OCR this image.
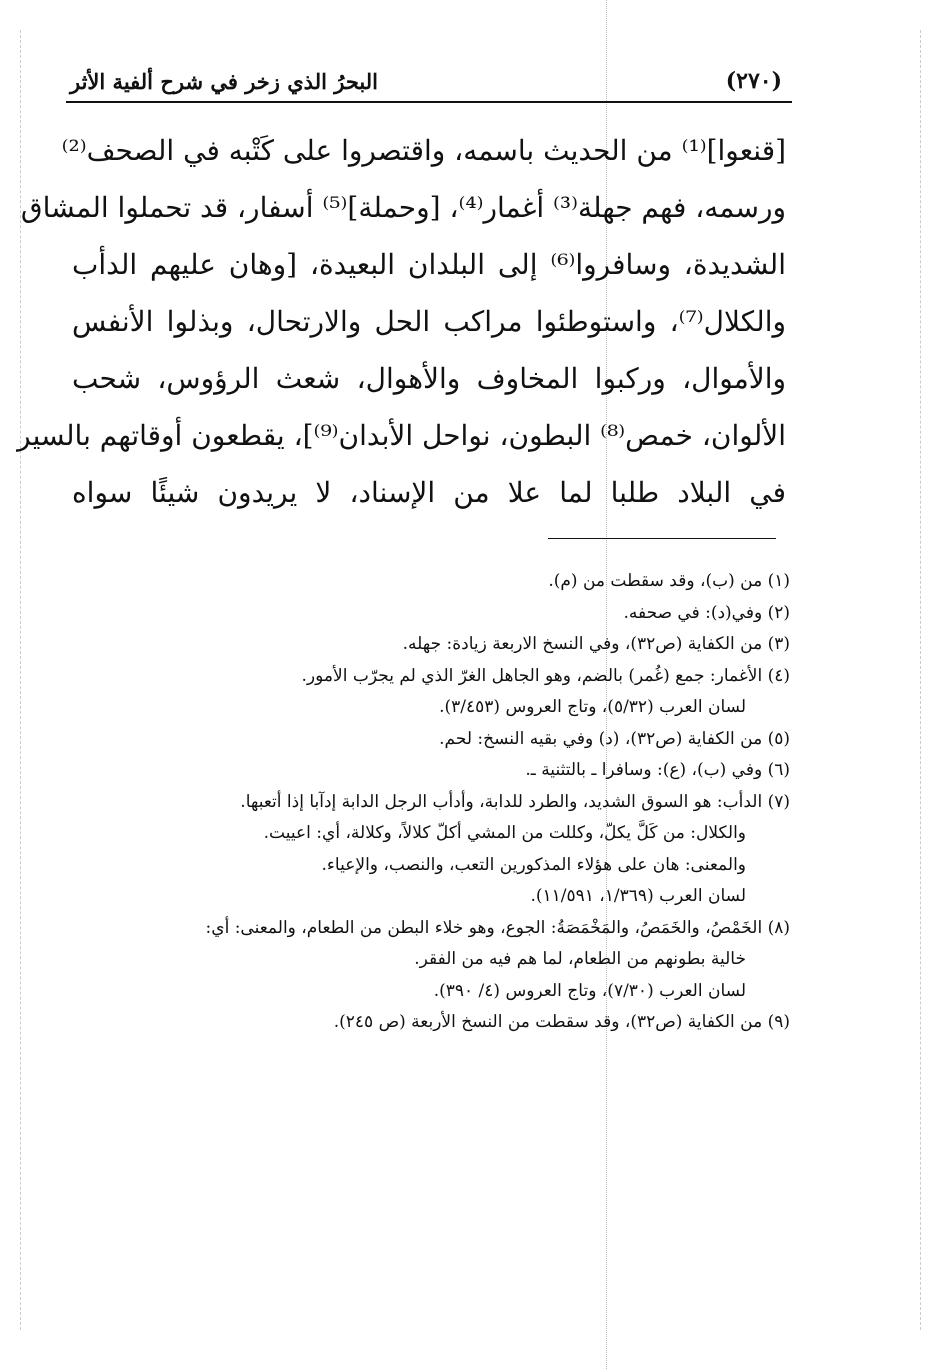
البحرُ الذي زخر في شرح ألفية الأثر	(٢٧٠)
[قنعوا]⁽¹⁾ من الحديث باسمه، واقتصروا على كَتْبه في الصحف⁽²⁾
ورسمه، فهم جهلة⁽³⁾ أغمار⁽⁴⁾، [وحملة]⁽⁵⁾ أسفار، قد تحملوا المشاق
الشديدة، وسافروا⁽⁶⁾ إلى البلدان البعيدة، [وهان عليهم الدأب
والكلال⁽⁷⁾، واستوطئوا مراكب الحل والارتحال، وبذلوا الأنفس
والأموال، وركبوا المخاوف والأهوال، شعث الرؤوس، شحب
الألوان، خمص⁽⁸⁾ البطون، نواحل الأبدان⁽⁹⁾]، يقطعون أوقاتهم بالسير
في البلاد طلبا لما علا من الإسناد، لا يريدون شيئًا سواه
(١) من (ب)، وقد سقطت من (م).
(٢) وفي(د): في صحفه.
(٣) من الكفاية (ص٣٢)، وفي النسخ الاربعة زيادة: جهله.
(٤) الأغمار: جمع (غُمر) بالضم، وهو الجاهل الغرّ الذي لم يجرّب الأمور.
لسان العرب (٥/٣٢)، وتاج العروس (٣/٤٥٣).
(٥) من الكفاية (ص٣٢)، (د) وفي بقيه النسخ: لحم.
(٦) وفي (ب)، (ع): وسافرا ـ بالتثنية ـ.
(٧) الدأب: هو السوق الشديد، والطرد للدابة، وأدأب الرجل الدابة إدآبا إذا أتعبها.
والكلال: من كَلَّ يكلّ، وكللت من المشي أكلّ كلالاً، وكلالة، أي: اعييت.
والمعنى: هان على هؤلاء المذكورين التعب، والنصب، والإعياء.
لسان العرب (١/٣٦٩، ١١/٥٩١).
(٨) الخَمْصُ، والخَمَصُ، والمَخْمَصَةُ: الجوع، وهو خلاء البطن من الطعام، والمعنى: أي:
خالية بطونهم من الطعام، لما هم فيه من الفقر.
لسان العرب (٧/٣٠)، وتاج العروس (٤/ ٣٩٠).
(٩) من الكفاية (ص٣٢)، وقد سقطت من النسخ الأربعة (ص ٢٤٥).
